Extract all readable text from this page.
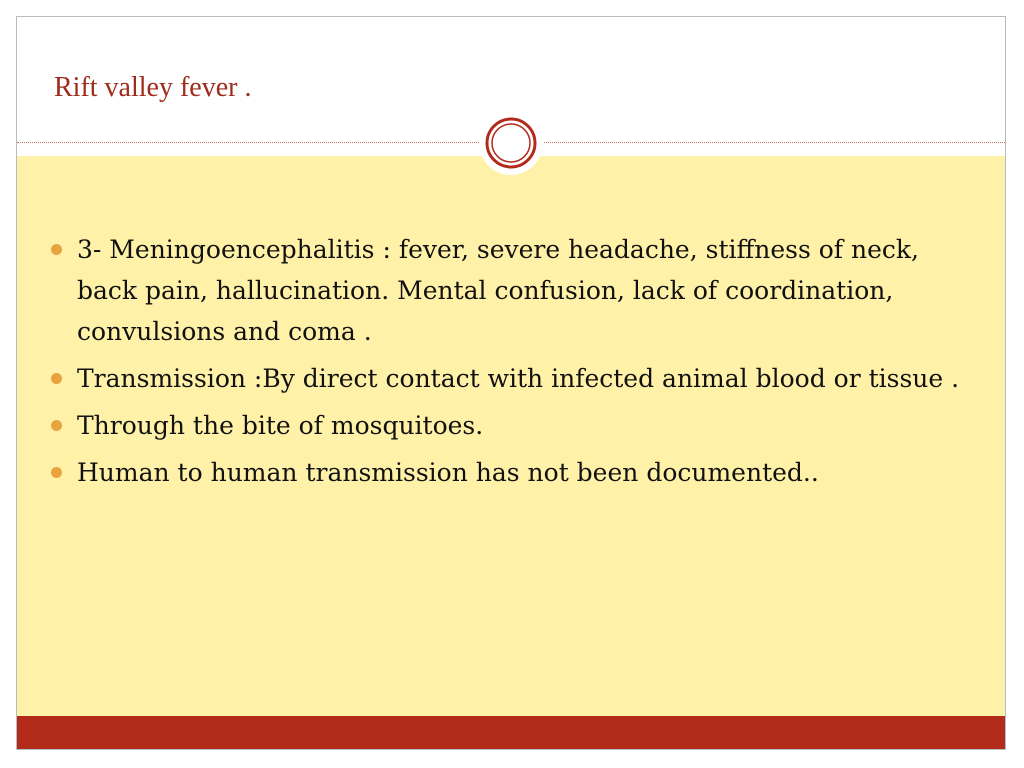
Rift valley fever .
3- Meningoencephalitis : fever, severe headache, stiffness of neck, back pain, hallucination. Mental confusion, lack of coordination, convulsions and coma .
Transmission :By direct contact with infected animal blood or tissue .
Through the bite of mosquitoes.
Human to human transmission has not been documented..
